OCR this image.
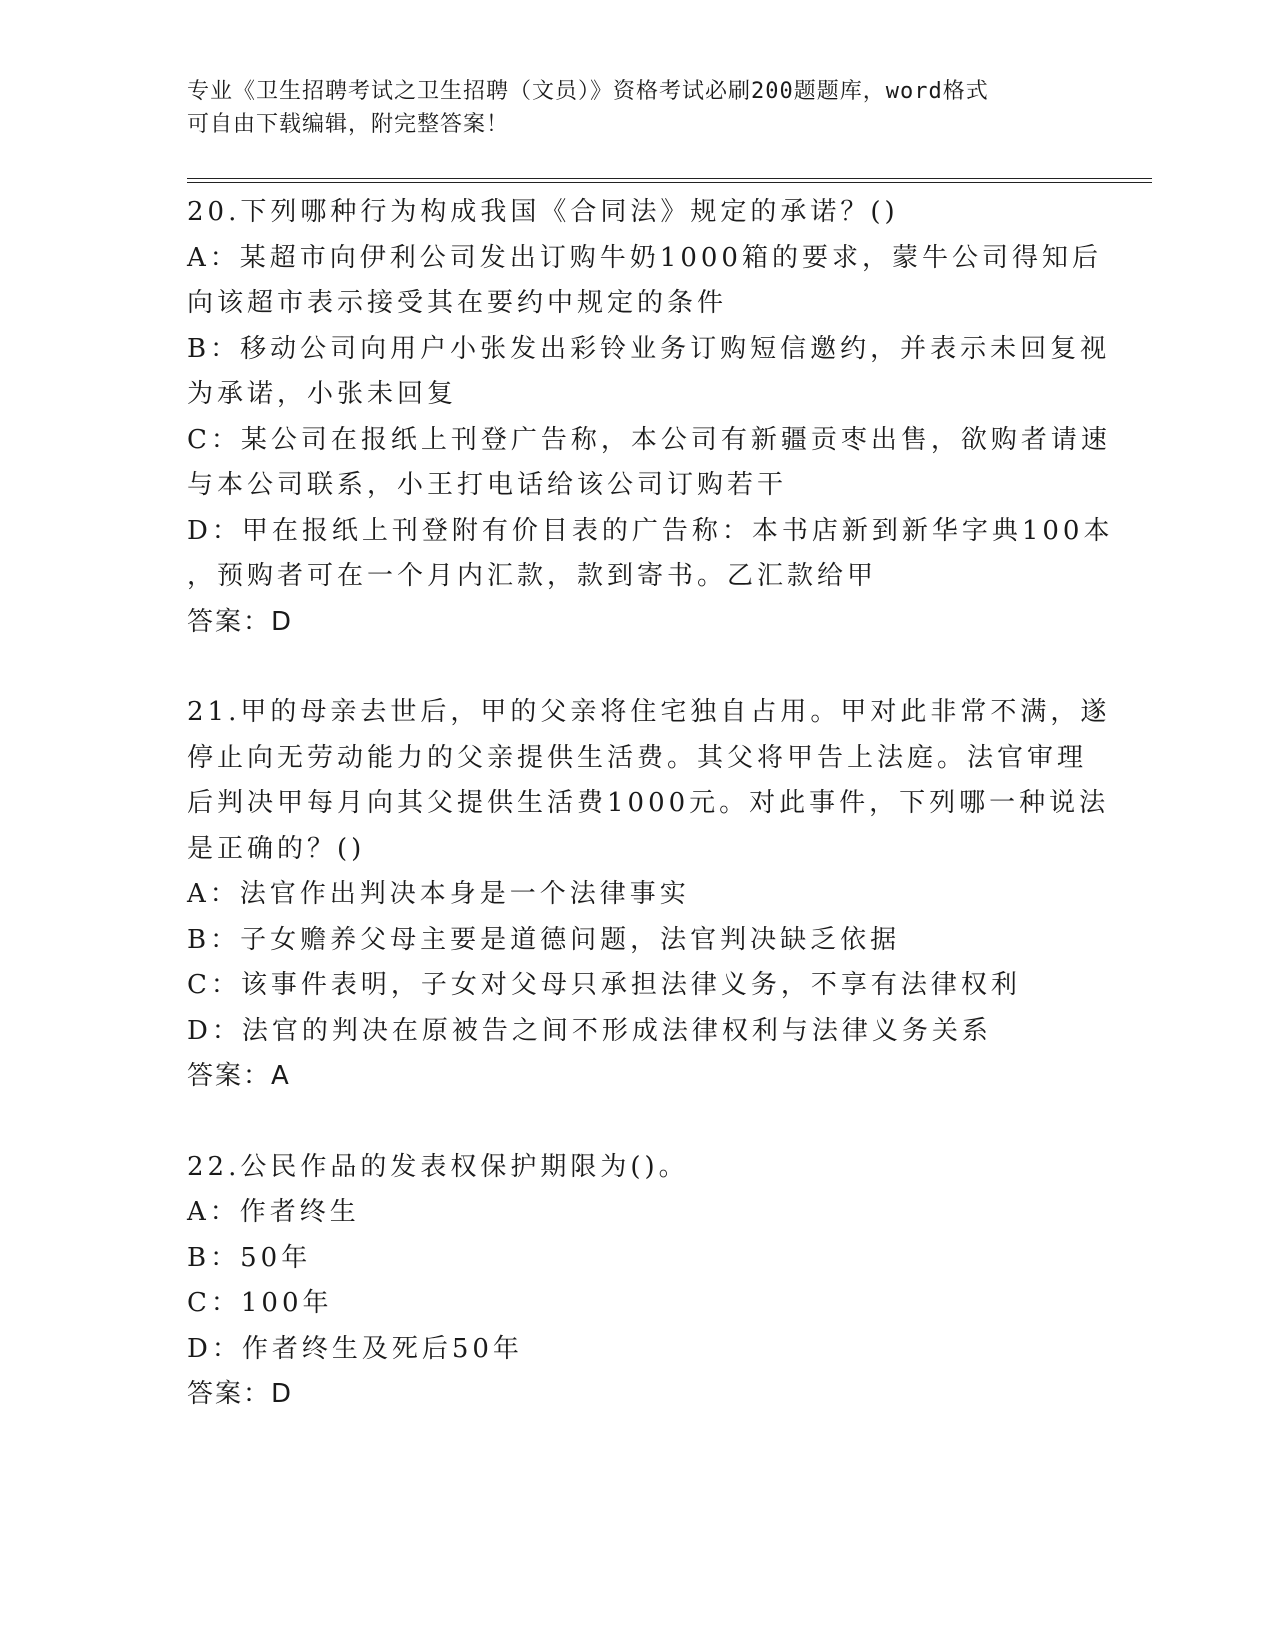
专业《卫生招聘考试之卫生招聘（文员）》资格考试必刷200题题库，word格式
可自由下载编辑，附完整答案！
20.下列哪种行为构成我国《合同法》规定的承诺？()
A：某超市向伊利公司发出订购牛奶1000箱的要求，蒙牛公司得知后
向该超市表示接受其在要约中规定的条件
B：移动公司向用户小张发出彩铃业务订购短信邀约，并表示未回复视
为承诺，小张未回复
C：某公司在报纸上刊登广告称，本公司有新疆贡枣出售，欲购者请速
与本公司联系，小王打电话给该公司订购若干
D：甲在报纸上刊登附有价目表的广告称：本书店新到新华字典100本
，预购者可在一个月内汇款，款到寄书。乙汇款给甲
答案：D
21.甲的母亲去世后，甲的父亲将住宅独自占用。甲对此非常不满，遂
停止向无劳动能力的父亲提供生活费。其父将甲告上法庭。法官审理
后判决甲每月向其父提供生活费1000元。对此事件，下列哪一种说法
是正确的？()
A：法官作出判决本身是一个法律事实
B：子女赡养父母主要是道德问题，法官判决缺乏依据
C：该事件表明，子女对父母只承担法律义务，不享有法律权利
D：法官的判决在原被告之间不形成法律权利与法律义务关系
答案：A
22.公民作品的发表权保护期限为()。
A：作者终生
B：50年
C：100年
D：作者终生及死后50年
答案：D
